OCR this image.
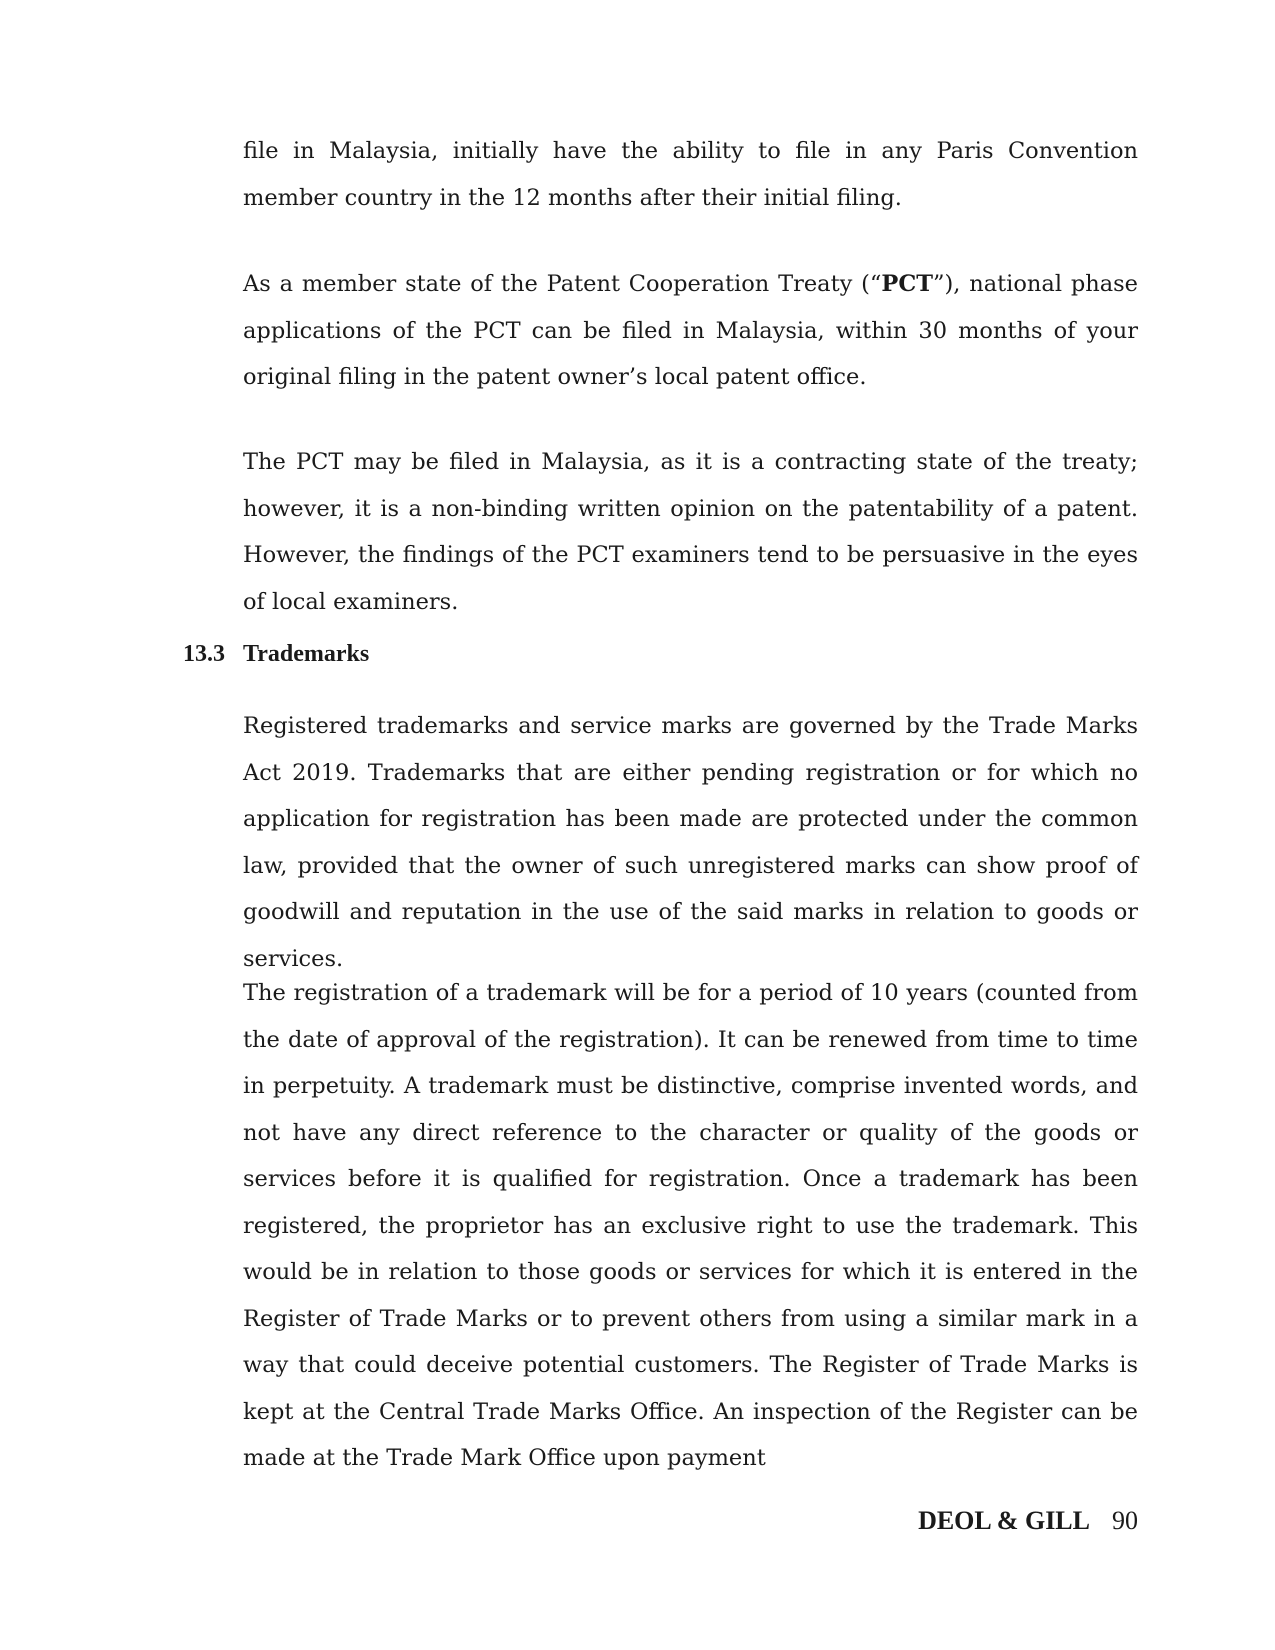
file in Malaysia, initially have the ability to file in any Paris Convention member country in the 12 months after their initial filing.

As a member state of the Patent Cooperation Treaty (“PCT”), national phase applications of the PCT can be filed in Malaysia, within 30 months of your original filing in the patent owner’s local patent office.

The PCT may be filed in Malaysia, as it is a contracting state of the treaty; however, it is a non-binding written opinion on the patentability of a patent. However, the findings of the PCT examiners tend to be persuasive in the eyes of local examiners.

13.3 Trademarks

Registered trademarks and service marks are governed by the Trade Marks Act 2019. Trademarks that are either pending registration or for which no application for registration has been made are protected under the common law, provided that the owner of such unregistered marks can show proof of goodwill and reputation in the use of the said marks in relation to goods or services.

The registration of a trademark will be for a period of 10 years (counted from the date of approval of the registration). It can be renewed from time to time in perpetuity. A trademark must be distinctive, comprise invented words, and not have any direct reference to the character or quality of the goods or services before it is qualified for registration. Once a trademark has been registered, the proprietor has an exclusive right to use the trademark. This would be in relation to those goods or services for which it is entered in the Register of Trade Marks or to prevent others from using a similar mark in a way that could deceive potential customers. The Register of Trade Marks is kept at the Central Trade Marks Office. An inspection of the Register can be made at the Trade Mark Office upon payment

DEOL & GILL 90
